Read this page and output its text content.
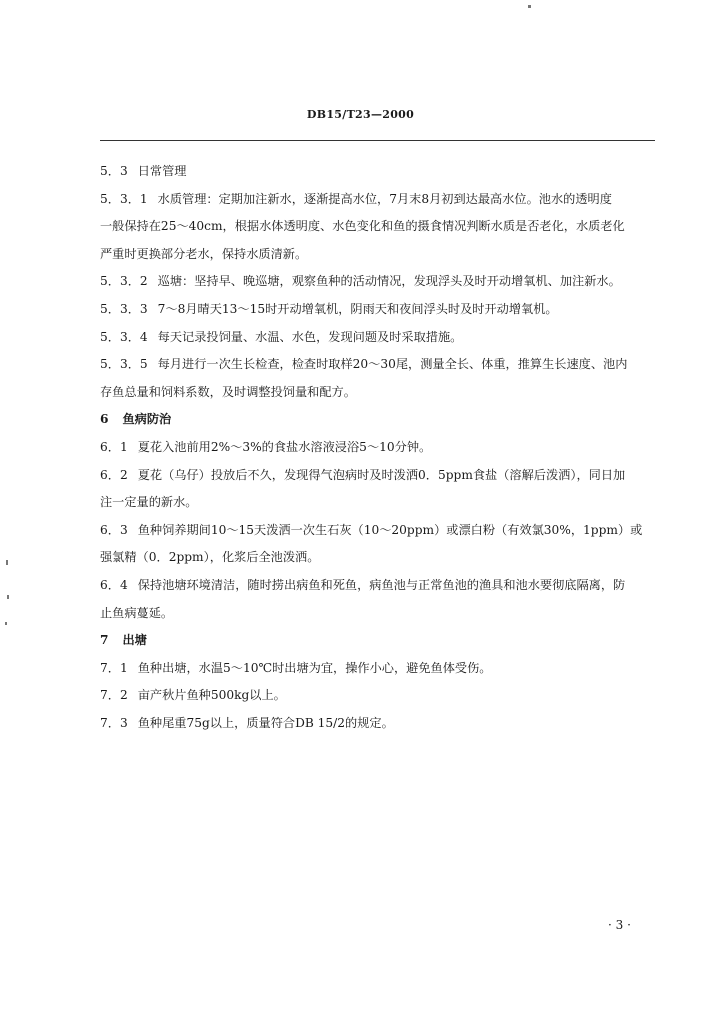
DB15/T23—2000
5．3 日常管理
5．3．1 水质管理：定期加注新水，逐渐提高水位，7月末8月初到达最高水位。池水的透明度
一般保持在25～40cm，根据水体透明度、水色变化和鱼的摄食情况判断水质是否老化，水质老化
严重时更换部分老水，保持水质清新。
5．3．2 巡塘：坚持早、晚巡塘，观察鱼种的活动情况，发现浮头及时开动增氧机、加注新水。
5．3．3 7～8月晴天13～15时开动增氧机，阴雨天和夜间浮头时及时开动增氧机。
5．3．4 每天记录投饲量、水温、水色，发现问题及时采取措施。
5．3．5 每月进行一次生长检查，检查时取样20～30尾，测量全长、体重，推算生长速度、池内
存鱼总量和饲料系数，及时调整投饲量和配方。
6 鱼病防治
6．1 夏花入池前用2%～3%的食盐水溶液浸浴5～10分钟。
6．2 夏花（乌仔）投放后不久，发现得气泡病时及时泼洒0．5ppm食盐（溶解后泼洒），同日加
注一定量的新水。
6．3 鱼种饲养期间10～15天泼洒一次生石灰（10～20ppm）或漂白粉（有效氯30%，1ppm）或
强氯精（0．2ppm），化浆后全池泼洒。
6．4 保持池塘环境清洁，随时捞出病鱼和死鱼，病鱼池与正常鱼池的渔具和池水要彻底隔离，防
止鱼病蔓延。
7 出塘
7．1 鱼种出塘，水温5～10℃时出塘为宜，操作小心，避免鱼体受伤。
7．2 亩产秋片鱼种500kg以上。
7．3 鱼种尾重75g以上，质量符合DB 15/2的规定。
· 3 ·
